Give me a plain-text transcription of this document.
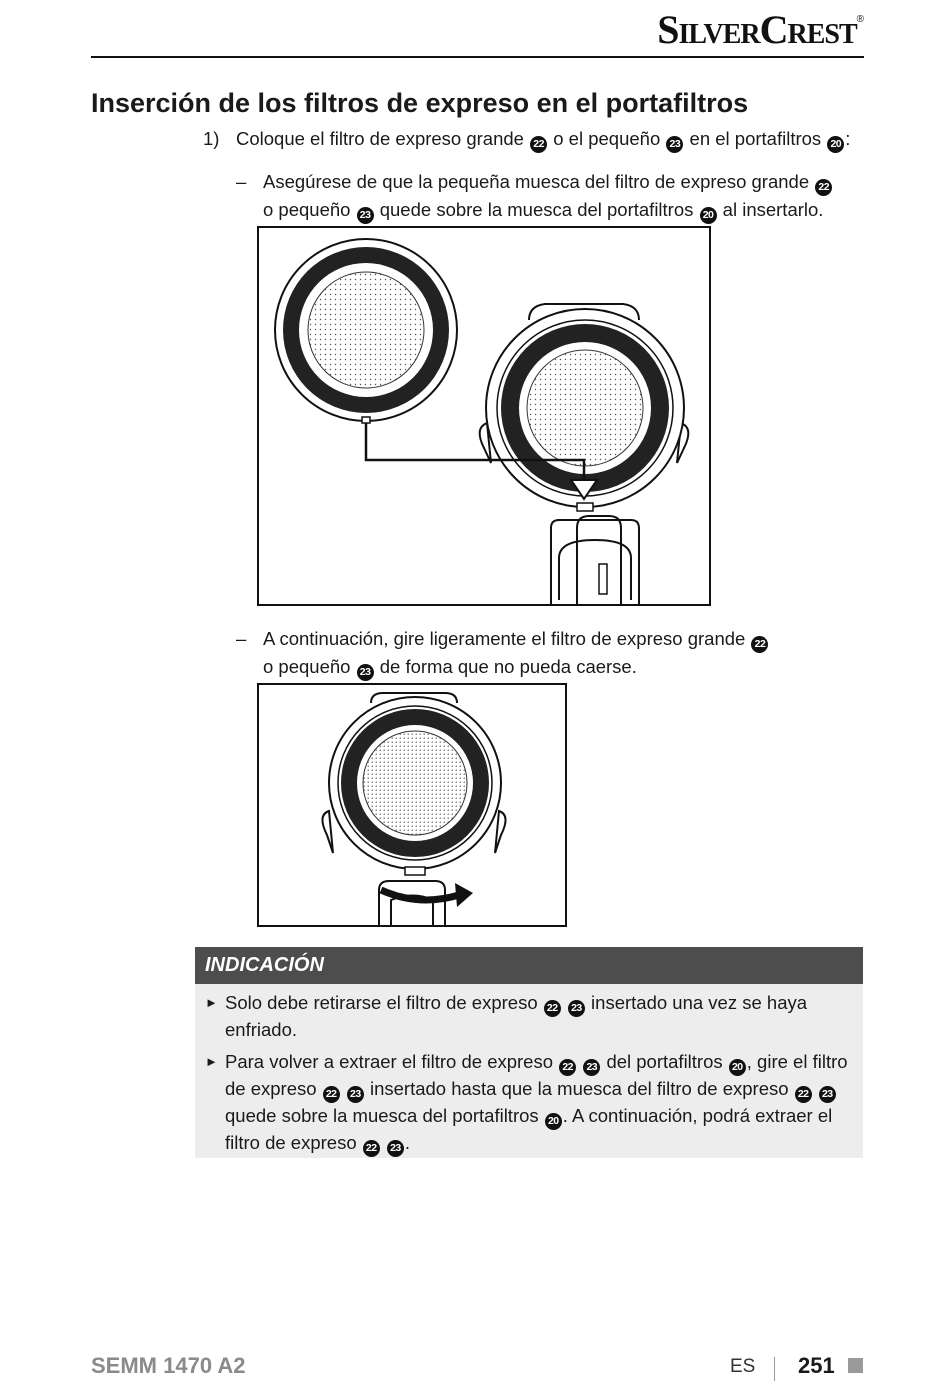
SilverCrest®
Inserción de los filtros de expreso en el portafiltros
1) Coloque el filtro de expreso grande 22 o el pequeño 23 en el portafiltros 20 :
– Asegúrese de que la pequeña muesca del filtro de expreso grande 22
o pequeño 23 quede sobre la muesca del portafiltros 20 al insertarlo.
– A continuación, gire ligeramente el filtro de expreso grande 22
o pequeño 23 de forma que no pueda caerse.
INDICACIÓN
► Solo debe retirarse el filtro de expreso 22 23 insertado una vez se haya
enfriado.
► Para volver a extraer el filtro de expreso 22 23 del portafiltros 20 , gire el filtro
de expreso 22 23 insertado hasta que la muesca del filtro de expreso 22 23
quede sobre la muesca del portafiltros 20 . A continuación, podrá extraer el
filtro de expreso 22 23 .
SEMM 1470 A2	ES 251
